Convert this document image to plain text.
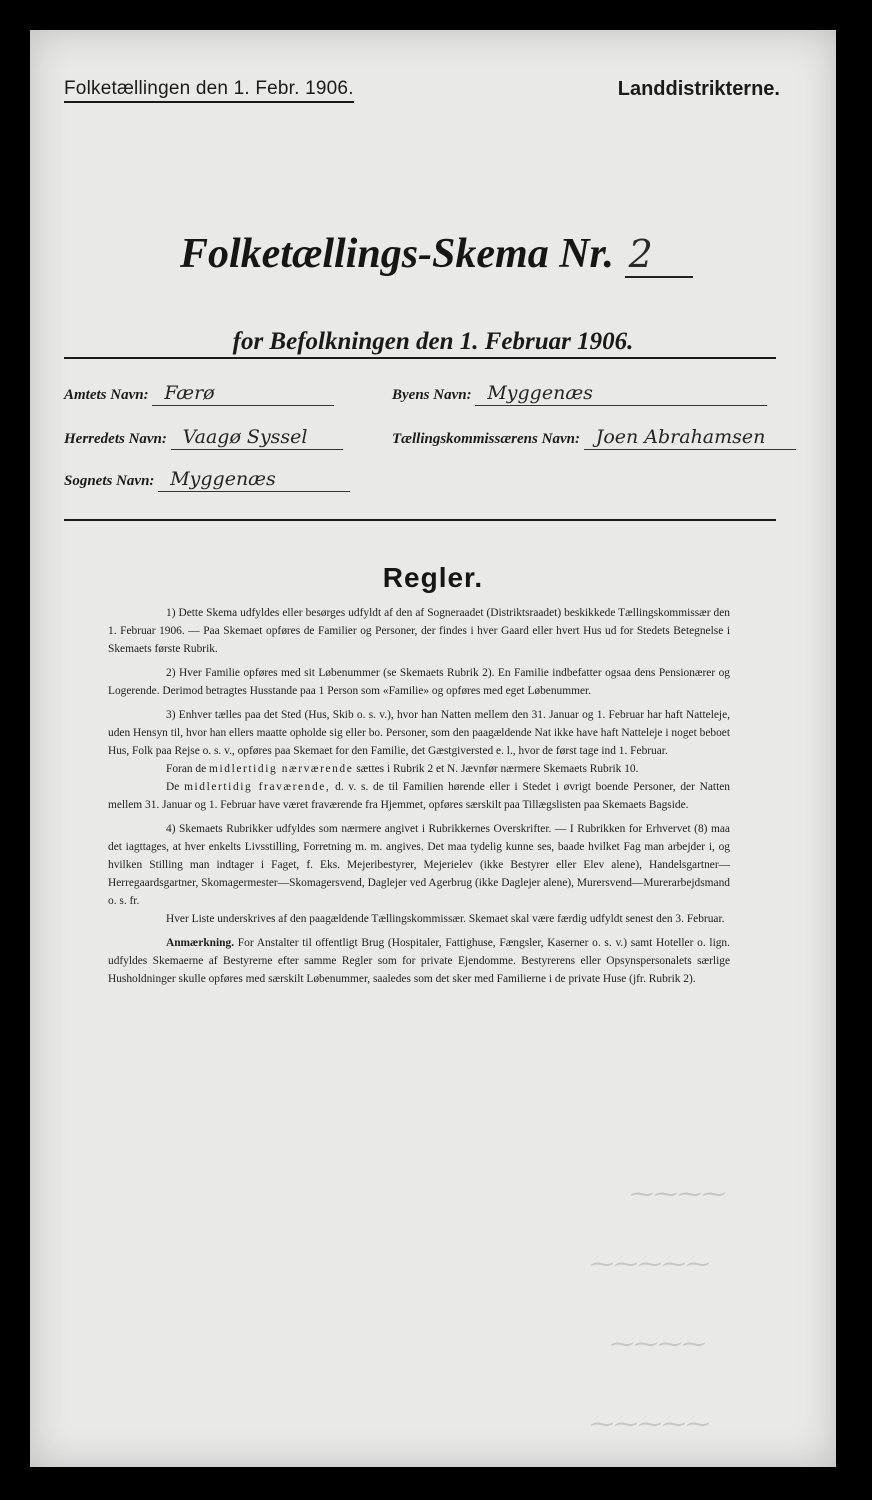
Folketællingen den 1. Febr. 1906.	Landdistrikterne.
Folketællings-Skema Nr. 2
for Befolkningen den 1. Februar 1906.
Amtets Navn: Færø	Byens Navn: Myggenæs
Herredets Navn: Vaagø Syssel	Tællingskommissærens Navn: Joen Abrahamsen
Sognets Navn: Myggenæs
Regler.

1) Dette Skema udfyldes eller besørges udfyldt af den af Sogneraadet (Distriktsraadet) beskikkede Tællingskommissær den 1. Februar 1906. — Paa Skemaet opføres de Familier og Personer, der findes i hver Gaard eller hvert Hus ud for Stedets Betegnelse i Skemaets første Rubrik.

2) Hver Familie opføres med sit Løbenummer (se Skemaets Rubrik 2). En Familie indbefatter ogsaa dens Pensionærer og Logerende. Derimod betragtes Husstande paa 1 Person som «Familie» og opføres med eget Løbenummer.

3) Enhver tælles paa det Sted (Hus, Skib o. s. v.), hvor han Natten mellem den 31. Januar og 1. Februar har haft Natteleje, uden Hensyn til, hvor han ellers maatte opholde sig eller bo. Personer, som den paagældende Nat ikke have haft Natteleje i noget beboet Hus, Folk paa Rejse o. s. v., opføres paa Skemaet for den Familie, det Gæstgiversted e. l., hvor de først tage ind 1. Februar.

Foran de midlertidig nærværende sættes i Rubrik 2 et N. Jævnfør nærmere Skemaets Rubrik 10.

De midlertidig fraværende, d. v. s. de til Familien hørende eller i Stedet i øvrigt boende Personer, der Natten mellem 31. Januar og 1. Februar have været fraværende fra Hjemmet, opføres særskilt paa Tillægslisten paa Skemaets Bagside.

4) Skemaets Rubrikker udfyldes som nærmere angivet i Rubrikkernes Overskrifter. — I Rubrikken for Erhvervet (8) maa det iagttages, at hver enkelts Livsstilling, Forretning m. m. angives. Det maa tydelig kunne ses, baade hvilket Fag man arbejder i, og hvilken Stilling man indtager i Faget, f. Eks. Mejeribestyrer, Mejerielev (ikke Bestyrer eller Elev alene), Handelsgartner—Herregaardsgartner, Skomagermester—Skomagersvend, Daglejer ved Agerbrug (ikke Daglejer alene), Murersvend—Murerarbejdsmand o. s. fr.

Hver Liste underskrives af den paagældende Tællingskommissær. Skemaet skal være færdig udfyldt senest den 3. Februar.

Anmærkning. For Anstalter til offentligt Brug (Hospitaler, Fattighuse, Fængsler, Kaserner o. s. v.) samt Hoteller o. lign. udfyldes Skemaerne af Bestyrerne efter samme Regler som for private Ejendomme. Bestyrerens eller Opsynspersonalets særlige Husholdninger skulle opføres med særskilt Løbenummer, saaledes som det sker med Familierne i de private Huse (jfr. Rubrik 2).

⁓⁓⁓⁓
⁓⁓⁓⁓⁓
⁓⁓⁓⁓
⁓⁓⁓⁓⁓
